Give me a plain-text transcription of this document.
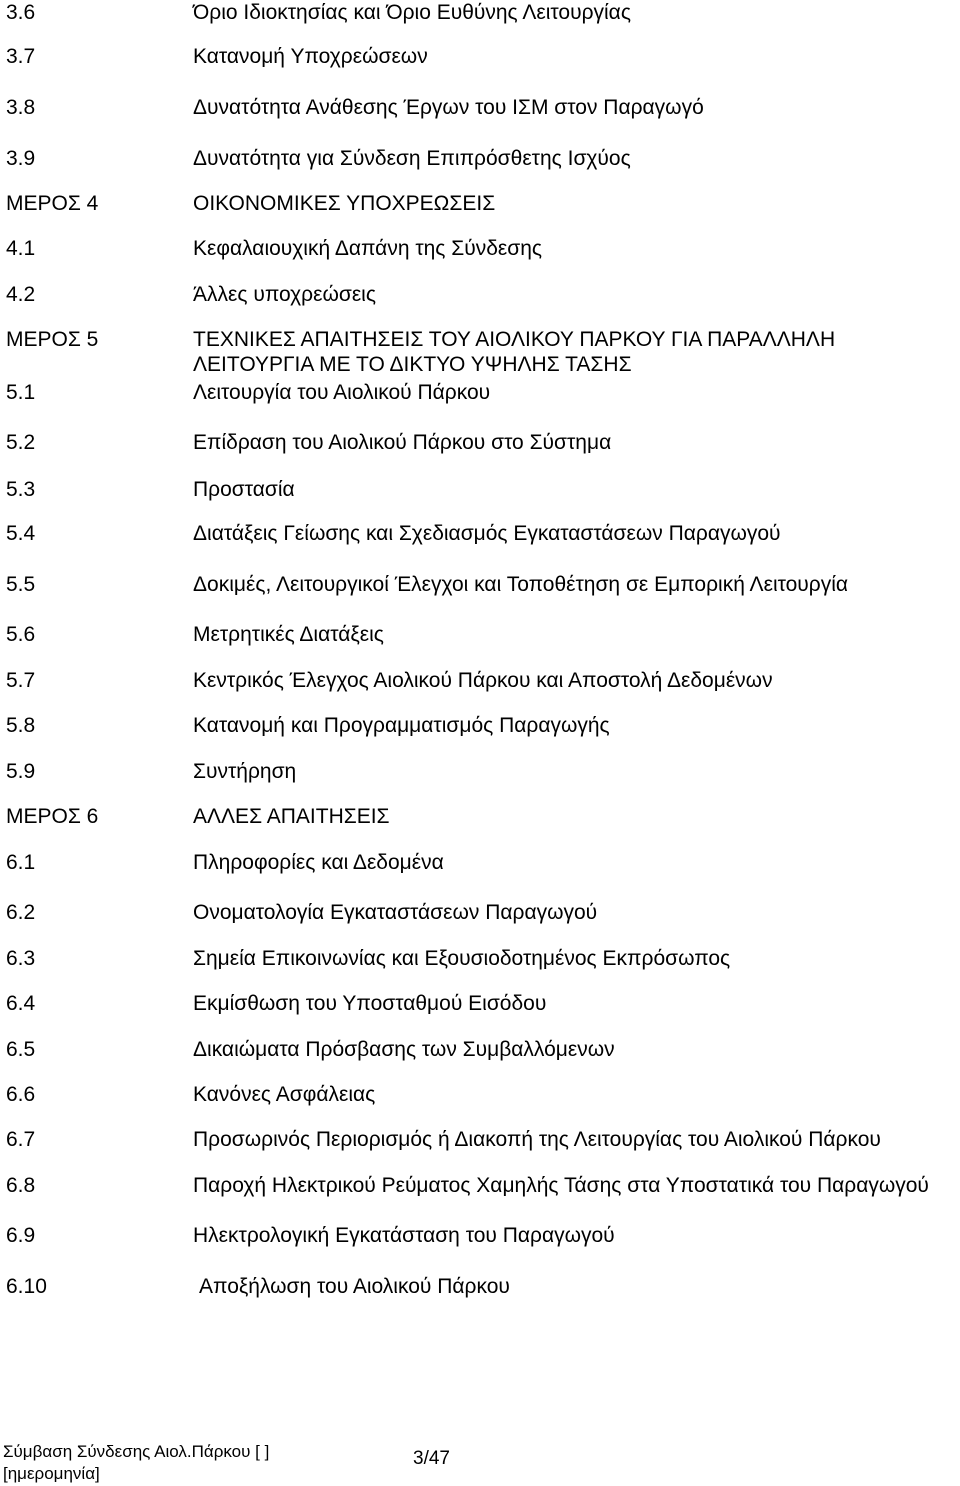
3.6	Όριο Ιδιοκτησίας και Όριο Ευθύνης Λειτουργίας
3.7	Κατανομή Υποχρεώσεων
3.8	Δυνατότητα Ανάθεσης Έργων του ΙΣΜ στον Παραγωγό
3.9	Δυνατότητα για Σύνδεση Επιπρόσθετης Ισχύος
ΜΕΡΟΣ 4	ΟΙΚΟΝΟΜΙΚΕΣ ΥΠΟΧΡΕΩΣΕΙΣ
4.1	Κεφαλαιουχική Δαπάνη της Σύνδεσης
4.2	Άλλες υποχρεώσεις
ΜΕΡΟΣ 5	ΤΕΧΝΙΚΕΣ ΑΠΑΙΤΗΣΕΙΣ ΤΟΥ ΑΙΟΛΙΚΟΥ ΠΑΡΚΟΥ ΓΙΑ ΠΑΡΑΛΛΗΛΗ
ΛΕΙΤΟΥΡΓΙΑ ΜΕ ΤΟ ΔΙΚΤΥΟ ΥΨΗΛΗΣ ΤΑΣΗΣ
5.1	Λειτουργία του Αιολικού Πάρκου
5.2	Επίδραση του Αιολικού Πάρκου στο Σύστημα
5.3	Προστασία
5.4	Διατάξεις Γείωσης και Σχεδιασμός Εγκαταστάσεων Παραγωγού
5.5	Δοκιμές, Λειτουργικοί Έλεγχοι και Τοποθέτηση σε Εμπορική Λειτουργία
5.6	Μετρητικές Διατάξεις
5.7	Κεντρικός Έλεγχος Αιολικού Πάρκου και Αποστολή Δεδομένων
5.8	Κατανομή και Προγραμματισμός Παραγωγής
5.9	Συντήρηση
ΜΕΡΟΣ 6	ΑΛΛΕΣ ΑΠΑΙΤΗΣΕΙΣ
6.1	Πληροφορίες και Δεδομένα
6.2	Ονοματολογία Εγκαταστάσεων Παραγωγού
6.3	Σημεία Επικοινωνίας και Εξουσιοδοτημένος Εκπρόσωπος
6.4	Εκμίσθωση του Υποσταθμού Εισόδου
6.5	Δικαιώματα Πρόσβασης των Συμβαλλόμενων
6.6	Κανόνες Ασφάλειας
6.7	Προσωρινός Περιορισμός ή Διακοπή της Λειτουργίας του Αιολικού Πάρκου
6.8	Παροχή Ηλεκτρικού Ρεύματος Χαμηλής Τάσης στα Υποστατικά του Παραγωγού
6.9	Ηλεκτρολογική Εγκατάσταση του Παραγωγού
6.10	Αποξήλωση του Αιολικού Πάρκου
Σύμβαση Σύνδεσης Αιολ.Πάρκου [ ]
[ημερομηνία]
3/47
